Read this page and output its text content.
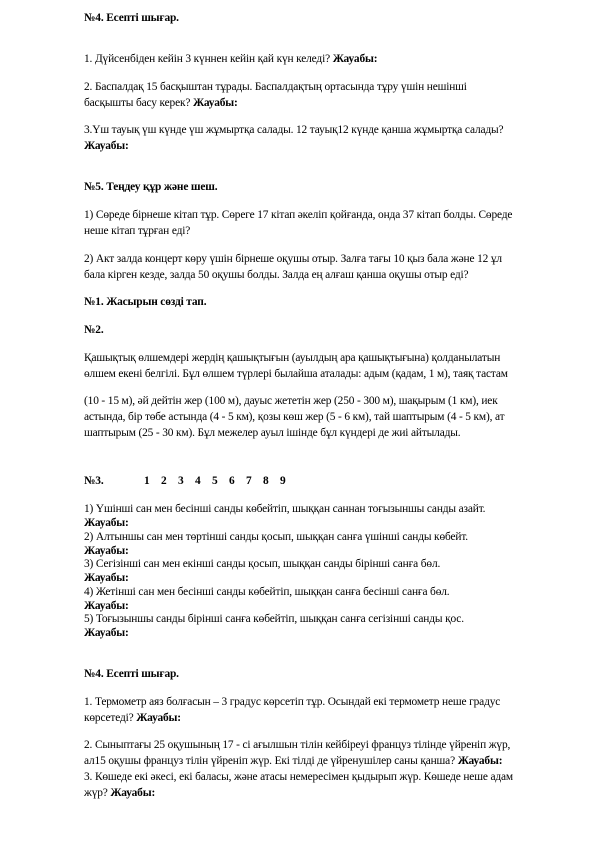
№4. Есепті шығар.
1. Дүйсенбіден кейін 3 күннен кейін қай күн келеді? Жауабы:
2. Баспалдақ 15 басқыштан тұрады. Баспалдақтың ортасында тұру үшін нешінші
басқышты басу керек? Жауабы:
3.Үш тауық үш күнде үш жұмыртқа салады. 12 тауық12 күнде қанша жұмыртқа салады?
Жауабы:
№5. Теңдеу құр және шеш.
1) Сөреде бірнеше кітап тұр. Сөреге 17 кітап әкеліп қойғанда, онда 37 кітап болды. Сөреде
неше кітап тұрған еді?
2) Акт залда концерт көру үшін бірнеше оқушы отыр. Залға тағы 10 қыз бала және 12 ұл
бала кірген кезде, залда 50 оқушы болды. Залда ең алғаш қанша оқушы отыр еді?
№1. Жасырын сөзді тап.
№2.
Қашықтық өлшемдері жердің қашықтығын (ауылдың ара қашықтығына) қолданылатын
өлшем екені белгілі. Бұл өлшем түрлері былайша аталады: адым (қадам, 1 м), таяқ тастам
(10 - 15 м), әй дейтін жер (100 м), дауыс жететін жер (250 - 300 м), шақырым (1 км), иек
астында, бір төбе астында (4 - 5 км), қозы көш жер (5 - 6 км), тай шаптырым (4 - 5 км), ат
шаптырым (25 - 30 км). Бұл межелер ауыл ішінде бұл күндері де жиі айтылады.
№3.	1 2 3 4 5 6 7 8 9
1) Үшінші сан мен бесінші санды көбейтіп, шыққан саннан тоғызыншы санды азайт.
Жауабы:
2) Алтыншы сан мен төртінші санды қосып, шыққан санға үшінші санды көбейт.
Жауабы:
3) Сегізінші сан мен екінші санды қосып, шыққан санды бірінші санға бөл.
Жауабы:
4) Жетінші сан мен бесінші санды көбейтіп, шыққан санға бесінші санға бөл.
Жауабы:
5) Тоғызыншы санды бірінші санға көбейтіп, шыққан санға сегізінші санды қос.
Жауабы:
№4. Есепті шығар.
1. Термометр аяз болғасын – 3 градус көрсетіп тұр. Осындай екі термометр неше градус
көрсетеді? Жауабы:
2. Сыныптағы 25 оқушының 17 - сі ағылшын тілін кейбіреуі француз тілінде үйреніп жүр,
ал15 оқушы француз тілін үйреніп жүр. Екі тілді де үйренушілер саны қанша? Жауабы:
3. Көшеде екі әкесі, екі баласы, және атасы немересімен қыдырып жүр. Көшеде неше адам
жүр? Жауабы:
